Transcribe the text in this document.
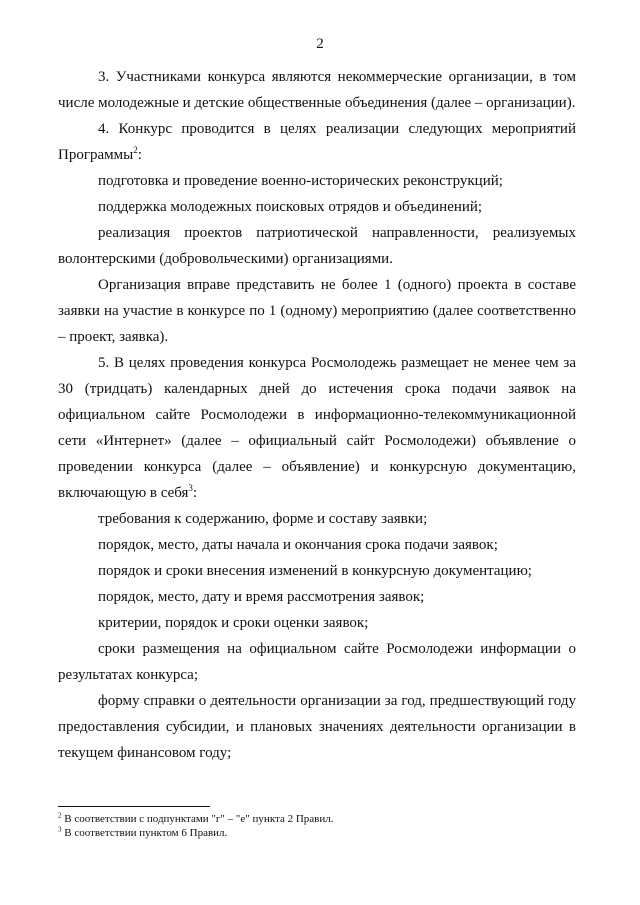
2

3. Участниками конкурса являются некоммерческие организации, в том числе молодежные и детские общественные объединения (далее – организации).

4. Конкурс проводится в целях реализации следующих мероприятий Программы$^2$:

подготовка и проведение военно-исторических реконструкций;

поддержка молодежных поисковых отрядов и объединений;

реализация проектов патриотической направленности, реализуемых волонтерскими (добровольческими) организациями.

Организация вправе представить не более 1 (одного) проекта в составе заявки на участие в конкурсе по 1 (одному) мероприятию (далее соответственно – проект, заявка).

5. В целях проведения конкурса Росмолодежь размещает не менее чем за 30 (тридцать) календарных дней до истечения срока подачи заявок на официальном сайте Росмолодежи в информационно-телекоммуникационной сети «Интернет» (далее – официальный сайт Росмолодежи) объявление о проведении конкурса (далее – объявление) и конкурсную документацию, включающую в себя$^3$:

требования к содержанию, форме и составу заявки;

порядок, место, даты начала и окончания срока подачи заявок;

порядок и сроки внесения изменений в конкурсную документацию;

порядок, место, дату и время рассмотрения заявок;

критерии, порядок и сроки оценки заявок;

сроки размещения на официальном сайте Росмолодежи информации о результатах конкурса;

форму справки о деятельности организации за год, предшествующий году предоставления субсидии, и плановых значениях деятельности организации в текущем финансовом году;

$^2$ В соответствии с подпунктами "г" – "е" пункта 2 Правил.

$^3$ В соответствии пунктом 6 Правил.
